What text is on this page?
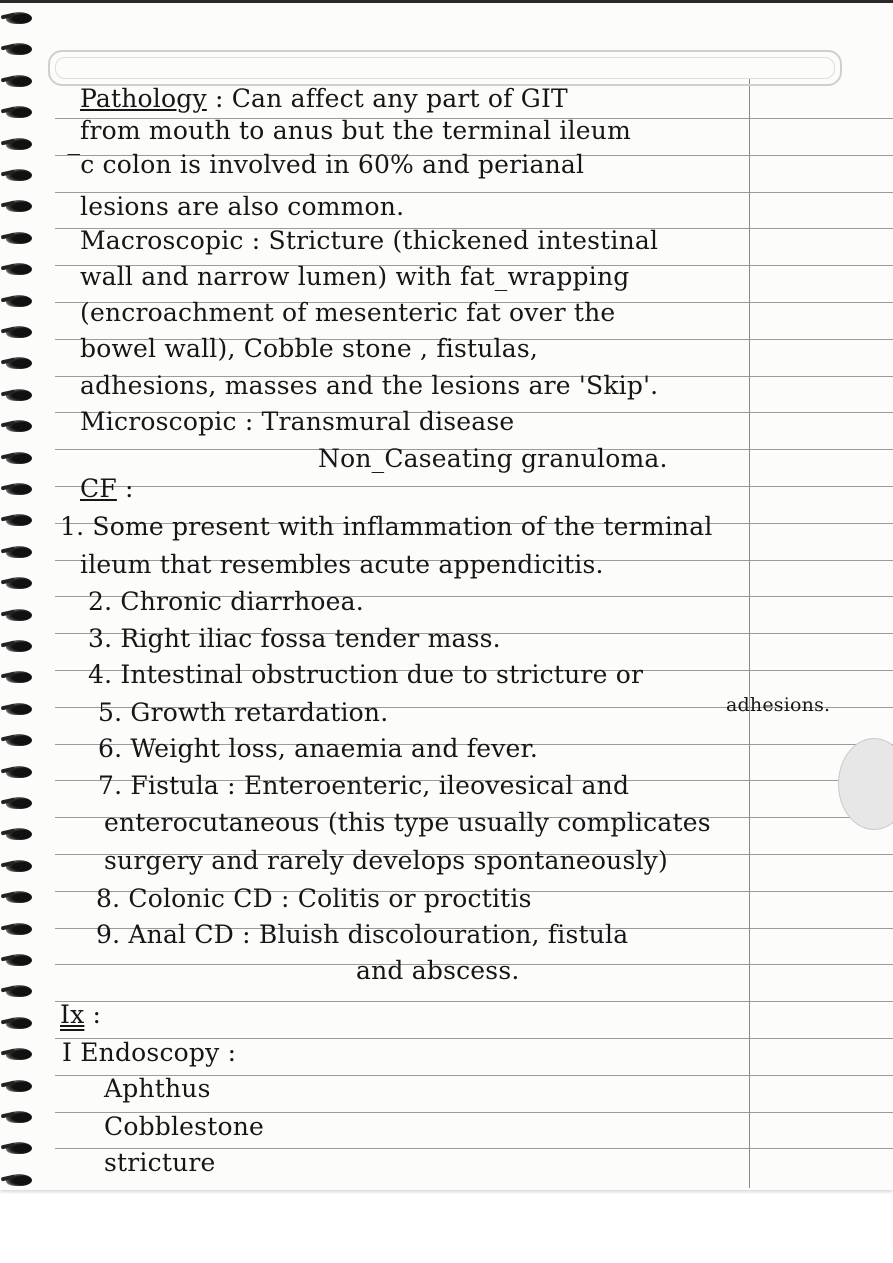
Pathology : Can affect any part of GIT
from mouth to anus but the terminal ileum
̅c colon is involved in 60% and perianal
lesions are also common.
Macroscopic : Stricture (thickened intestinal
wall and narrow lumen) with fat_wrapping
(encroachment of mesenteric fat over the
bowel wall), Cobble stone , fistulas,
adhesions, masses and the lesions are 'Skip'.
Microscopic : Transmural disease
Non_Caseating granuloma.
CF :
1. Some present with inflammation of the terminal
ileum that resembles acute appendicitis.
2. Chronic diarrhoea.
3. Right iliac fossa tender mass.
4. Intestinal obstruction due to stricture or
adhesions.
5. Growth retardation.
6. Weight loss, anaemia and fever.
7. Fistula : Enteroenteric, ileovesical and
enterocutaneous (this type usually complicates
surgery and rarely develops spontaneously)
8. Colonic CD : Colitis or proctitis
9. Anal CD : Bluish discolouration, fistula
and abscess.
Ix :
I Endoscopy :
Aphthus
Cobblestone
stricture
